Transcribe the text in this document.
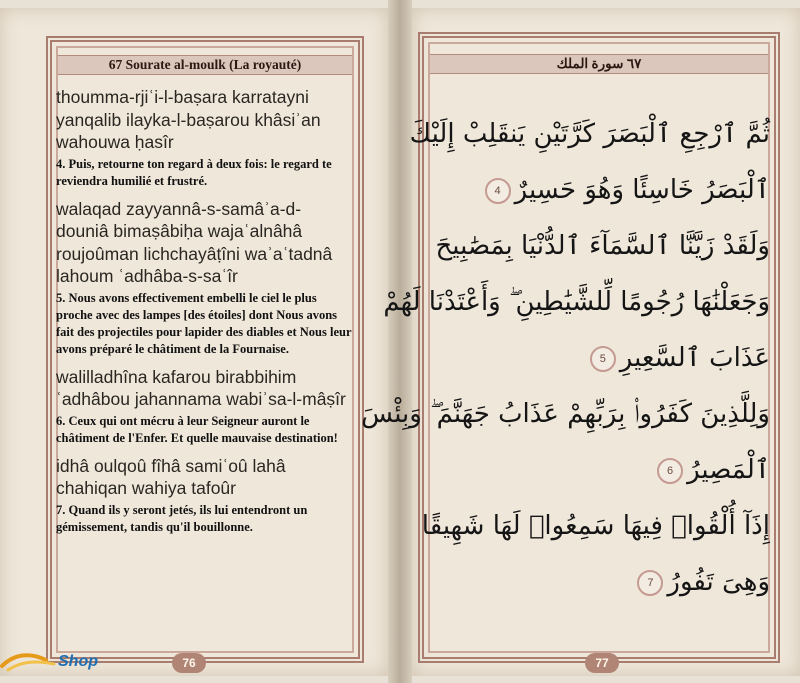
67 Sourate al-moulk (La royauté)

thoumma-rjiʿi-l-baṣara karratayni

yanqalib ilayka-l-baṣarou khâsiʾan

wahouwa ḥasîr

4. Puis, retourne ton regard à deux fois: le regard te reviendra humilié et frustré.

walaqad zayyannâ-s-samâʾa-d-

douniâ bimaṣâbiḥa wajaʿalnâhâ

roujoûman lichchayâṭîni waʾaʿtadnâ

lahoum ʿadhâba-s-saʿîr

5. Nous avons effectivement embelli le ciel le plus proche avec des lampes [des étoiles] dont Nous avons fait des projectiles pour lapider des diables et Nous leur avons préparé le châtiment de la Fournaise.

walilladhîna kafarou birabbihim

ʿadhâbou jahannama wabiʾsa-l-mâṣîr

6. Ceux qui ont mécru à leur Seigneur auront le châtiment de l'Enfer. Et quelle mauvaise destination!

idhâ oulqoû fîhâ samiʿoû lahâ

chahiqan wahiya tafoûr

7. Quand ils y seront jetés, ils lui entendront un gémissement, tandis qu'il bouillonne.
76
٦٧ سورة الملك
ثُمَّ ٱرْجِعِ ٱلْبَصَرَ كَرَّتَيْنِ يَنقَلِبْ إِلَيْكَ
ٱلْبَصَرُ خَاسِئًا وَهُوَ حَسِيرٌ4
وَلَقَدْ زَيَّنَّا ٱلسَّمَآءَ ٱلدُّنْيَا بِمَصَٰبِيحَ
وَجَعَلْنَٰهَا رُجُومًا لِّلشَّيَٰطِينِ ۖ وَأَعْتَدْنَا لَهُمْ
عَذَابَ ٱلسَّعِيرِ5
وَلِلَّذِينَ كَفَرُوا۟ بِرَبِّهِمْ عَذَابُ جَهَنَّمَ ۖ وَبِئْسَ
ٱلْمَصِيرُ6
إِذَآ أُلْقُوا۟ فِيهَا سَمِعُوا۟ لَهَا شَهِيقًا
وَهِىَ تَفُورُ7
77
Shop
